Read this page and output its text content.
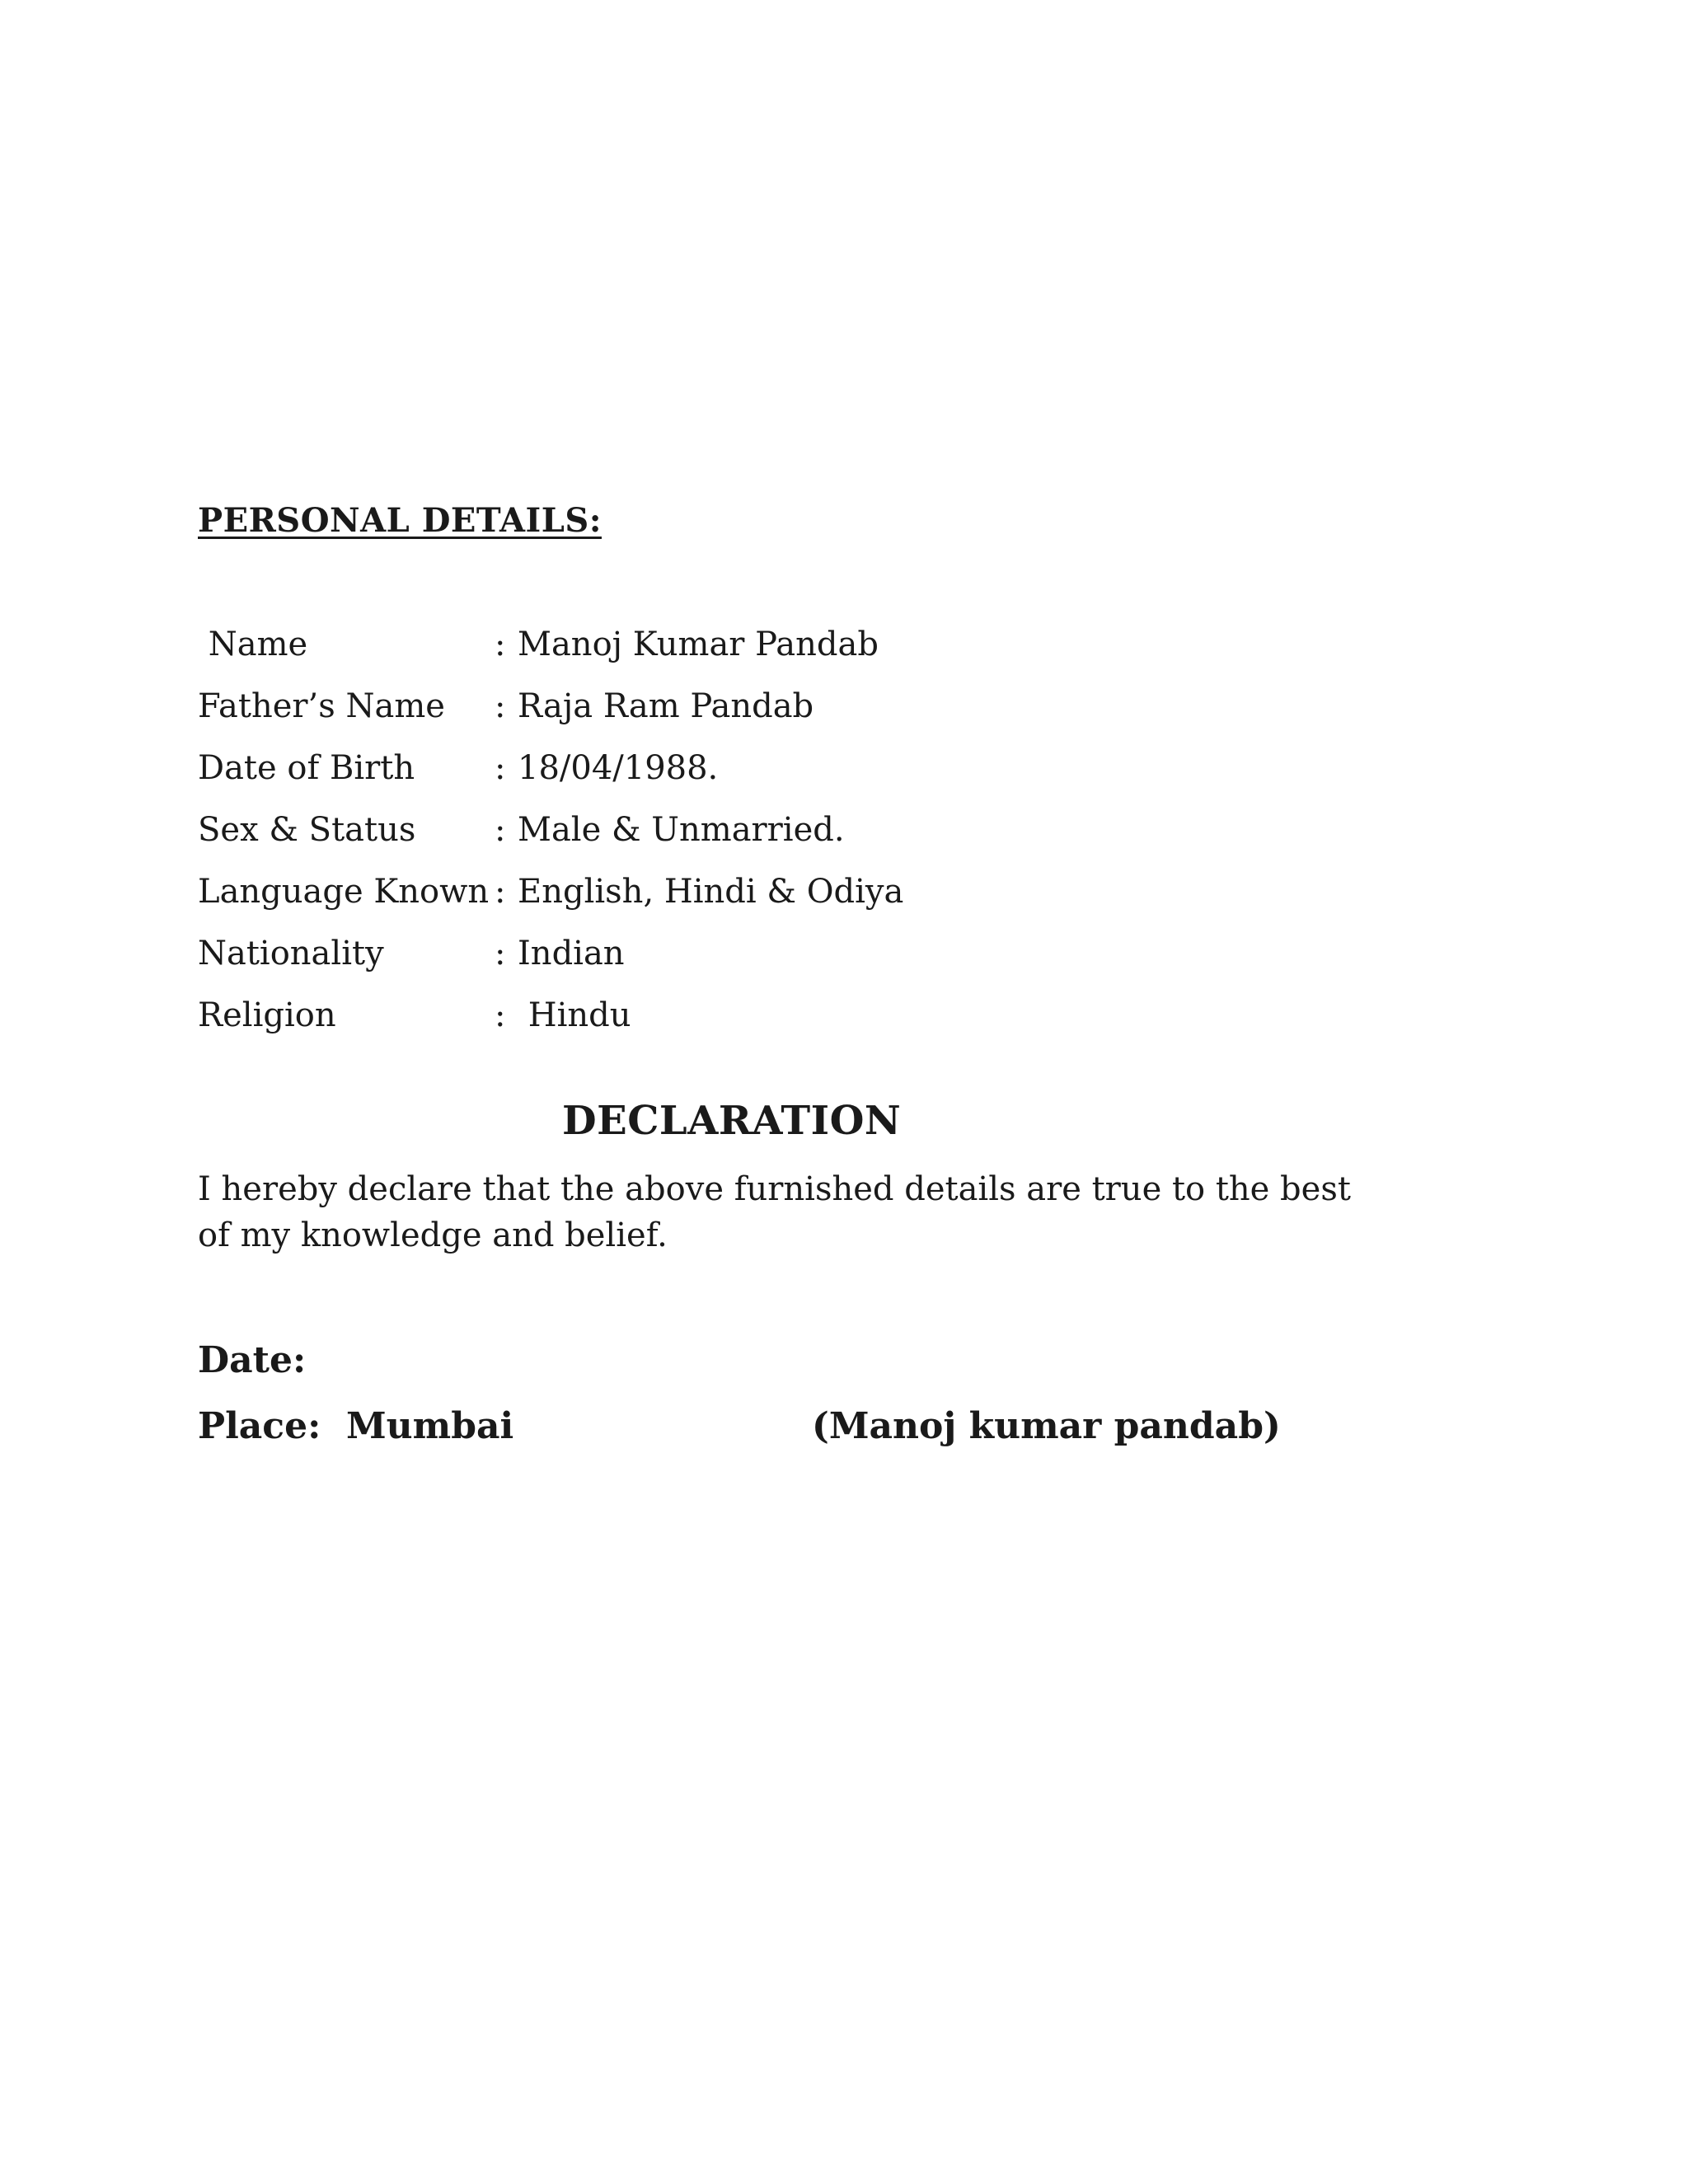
PERSONAL DETAILS:
Name	: Manoj Kumar Pandab
Father’s Name	: Raja Ram Pandab
Date of Birth	: 18/04/1988.
Sex & Status	: Male & Unmarried.
Language Known : English, Hindi & Odiya
Nationality	: Indian
Religion	: Hindu
DECLARATION

I hereby declare that the above furnished details are true to the best of my knowledge and belief.

Date:

Place:  Mumbai	(Manoj kumar pandab)
